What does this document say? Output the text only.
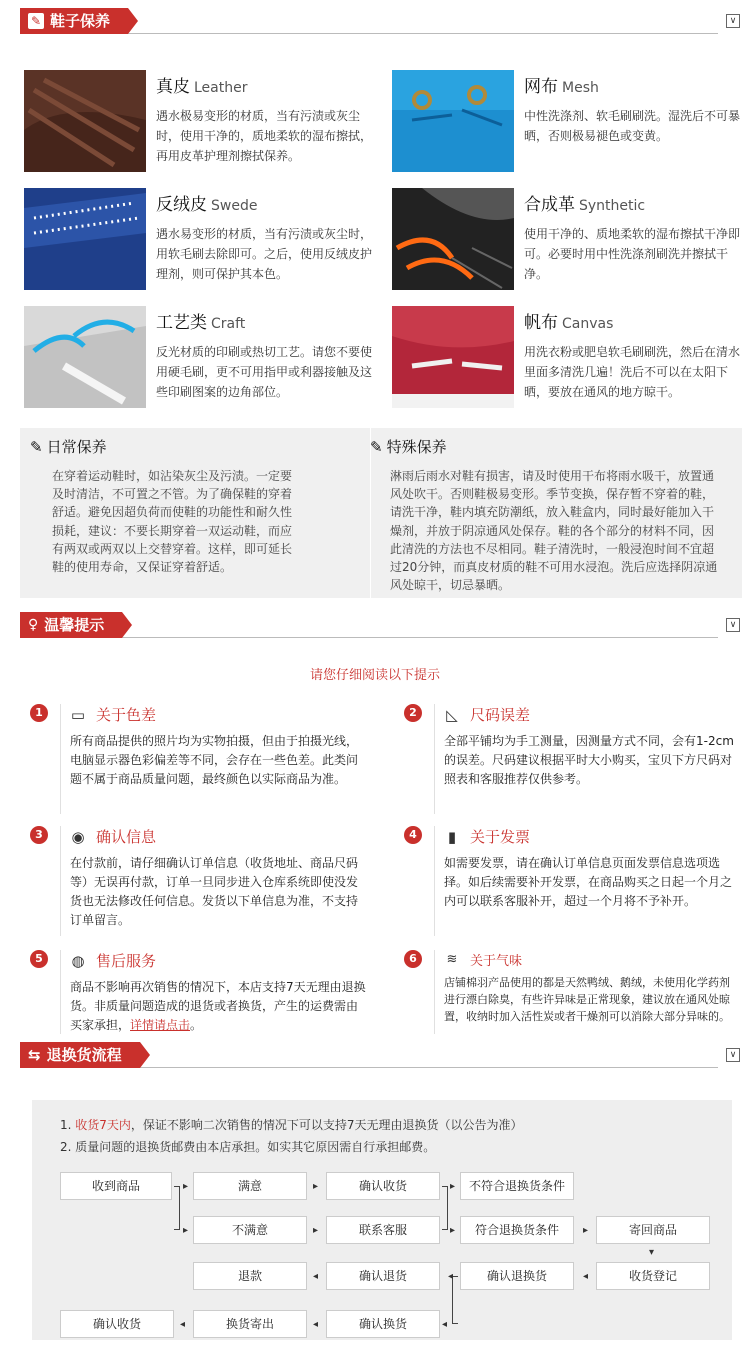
✎ 鞋子保养	∨
真皮 Leather
遇水极易变形的材质，当有污渍或灰尘时，使用干净的，质地柔软的湿布擦拭，再用皮革护理剂擦拭保养。
网布 Mesh
中性洗涤剂、软毛刷刷洗。湿洗后不可暴晒，否则极易褪色或变黄。
反绒皮 Swede
遇水易变形的材质，当有污渍或灰尘时，用软毛刷去除即可。之后，使用反绒皮护理剂，则可保护其本色。
合成革 Synthetic
使用干净的、质地柔软的湿布擦拭干净即可。必要时用中性洗涤剂刷洗并擦拭干净。
工艺类 Craft
反光材质的印刷或热切工艺。请您不要使用硬毛刷，更不可用指甲或利器接触及这些印刷图案的边角部位。
帆布 Canvas
用洗衣粉或肥皂软毛刷刷洗，然后在清水里面多清洗几遍！洗后不可以在太阳下晒，要放在通风的地方晾干。
✎ 日常保养

在穿着运动鞋时，如沾染灰尘及污渍。一定要及时清洁，不可置之不管。为了确保鞋的穿着舒适。避免因超负荷而使鞋的功能性和耐久性损耗，建议：不要长期穿着一双运动鞋，而应有两双或两双以上交替穿着。这样，即可延长鞋的使用寿命，又保证穿着舒适。

✎ 特殊保养

淋雨后雨水对鞋有损害，请及时使用干布将雨水吸干，放置通风处吹干。否则鞋极易变形。季节变换，保存暂不穿着的鞋，请洗干净，鞋内填充防潮纸，放入鞋盒内，同时最好能加入干燥剂，并放于阴凉通风处保存。鞋的各个部分的材料不同，因此清洗的方法也不尽相同。鞋子清洗时，一般浸泡时间不宜超过20分钟，而真皮材质的鞋不可用水浸泡。洗后应选择阴凉通风处晾干，切忌暴晒。

♀ 温馨提示	∨
请您仔细阅读以下提示
1	▭ 关于色差
所有商品提供的照片均为实物拍摄，但由于拍摄光线，电脑显示器色彩偏差等不同，会存在一些色差。此类问题不属于商品质量问题，最终颜色以实际商品为准。
2	◺ 尺码误差
全部平铺均为手工测量，因测量方式不同，会有1-2cm的误差。尺码建议根据平时大小购买，宝贝下方尺码对照表和客服推荐仅供参考。
3	◉ 确认信息
在付款前，请仔细确认订单信息（收货地址、商品尺码等）无误再付款，订单一旦同步进入仓库系统即使没发货也无法修改任何信息。发货以下单信息为准，不支持订单留言。
4	▮ 关于发票
如需要发票，请在确认订单信息页面发票信息选项选择。如后续需要补开发票，在商品购买之日起一个月之内可以联系客服补开，超过一个月将不予补开。
5	◍ 售后服务
商品不影响再次销售的情况下，本店支持7天无理由退换货。非质量问题造成的退货或者换货，产生的运费需由买家承担，详情请点击。
6	≋ 关于气味
店铺棉羽产品使用的都是天然鸭绒、鹅绒，未使用化学药剂进行漂白除臭，有些许异味是正常现象，建议放在通风处晾置，收纳时加入活性炭或者干燥剂可以消除大部分异味的。
⇆ 退换货流程	∨
1. 收货7天内，保证不影响二次销售的情况下可以支持7天无理由退换货（以公告为准）
2. 质量问题的退换货邮费由本店承担。如实其它原因需自行承担邮费。
收到商品	满意	确认收货	不符合退换货条件
不满意	联系客服	符合退换货条件	寄回商品
退款	确认退货	确认退换货	收货登记
确认收货	换货寄出	确认换货
▸
▸
▸
▸
▸
▸	▸
▾
◂
◂
◂
◂
◂
◂
